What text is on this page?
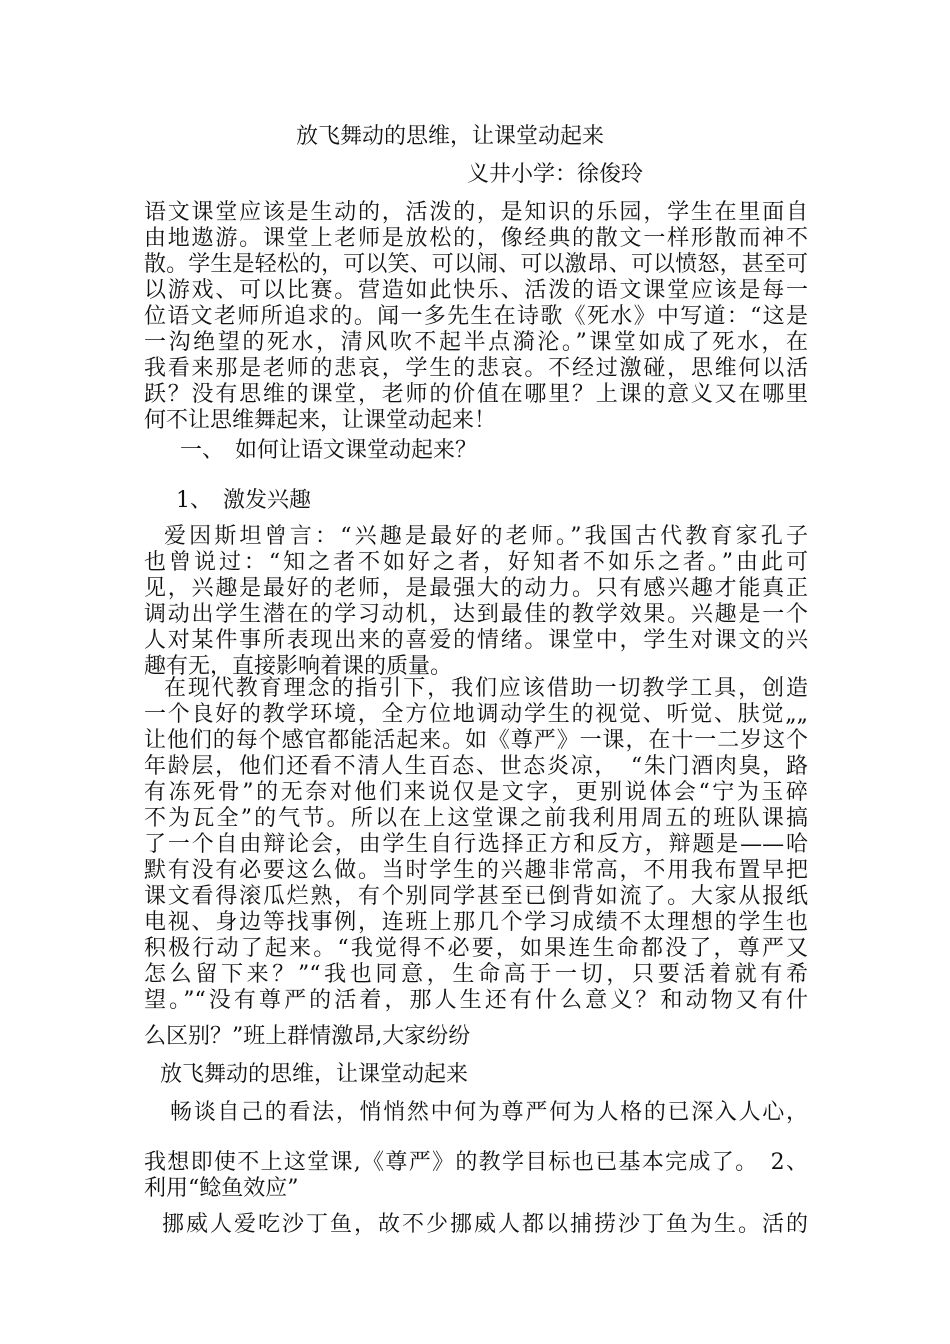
放飞舞动的思维，让课堂动起来
义井小学：徐俊玲
语文课堂应该是生动的，活泼的，是知识的乐园，学生在里面自
由地遨游。课堂上老师是放松的，像经典的散文一样形散而神不
散。学生是轻松的，可以笑、可以闹、可以激昂、可以愤怒，甚至可
以游戏、可以比赛。营造如此快乐、活泼的语文课堂应该是每一
位语文老师所追求的。闻一多先生在诗歌《死水》中写道：“这是
一沟绝望的死水，清风吹不起半点漪沦。”课堂如成了死水，在
我看来那是老师的悲哀，学生的悲哀。不经过激碰，思维何以活
跃？没有思维的课堂，老师的价值在哪里？上课的意义又在哪里
何不让思维舞起来，让课堂动起来！
一、　如何让语文课堂动起来？
1、　激发兴趣
爱因斯坦曾言：“兴趣是最好的老师。”我国古代教育家孔子
也曾说过：“知之者不如好之者，好知者不如乐之者。”由此可
见，兴趣是最好的老师，是最强大的动力。只有感兴趣才能真正
调动出学生潜在的学习动机，达到最佳的教学效果。兴趣是一个
人对某件事所表现出来的喜爱的情绪。课堂中，学生对课文的兴
趣有无，直接影响着课的质量。
在现代教育理念的指引下，我们应该借助一切教学工具，创造
一个良好的教学环境，全方位地调动学生的视觉、听觉、肤觉„„
让他们的每个感官都能活起来。如《尊严》一课，在十一二岁这个
年龄层，他们还看不清人生百态、世态炎凉，　“朱门酒肉臭，路
有冻死骨”的无奈对他们来说仅是文字，更别说体会“宁为玉碎
不为瓦全”的气节。所以在上这堂课之前我利用周五的班队课搞
了一个自由辩论会，由学生自行选择正方和反方，辩题是——哈
默有没有必要这么做。当时学生的兴趣非常高，不用我布置早把
课文看得滚瓜烂熟，有个别同学甚至已倒背如流了。大家从报纸
电视、身边等找事例，连班上那几个学习成绩不太理想的学生也
积极行动了起来。“我觉得不必要，如果连生命都没了，尊严又
怎么留下来？”“我也同意，生命高于一切，只要活着就有希
望。”“没有尊严的活着，那人生还有什么意义？和动物又有什
么区别？”班上群情激昂,大家纷纷
放飞舞动的思维，让课堂动起来
畅谈自己的看法，悄悄然中何为尊严何为人格的已深入人心，
我想即使不上这堂课,《尊严》的教学目标也已基本完成了。　2、
利用“鲶鱼效应”
挪威人爱吃沙丁鱼，故不少挪威人都以捕捞沙丁鱼为生。活的
